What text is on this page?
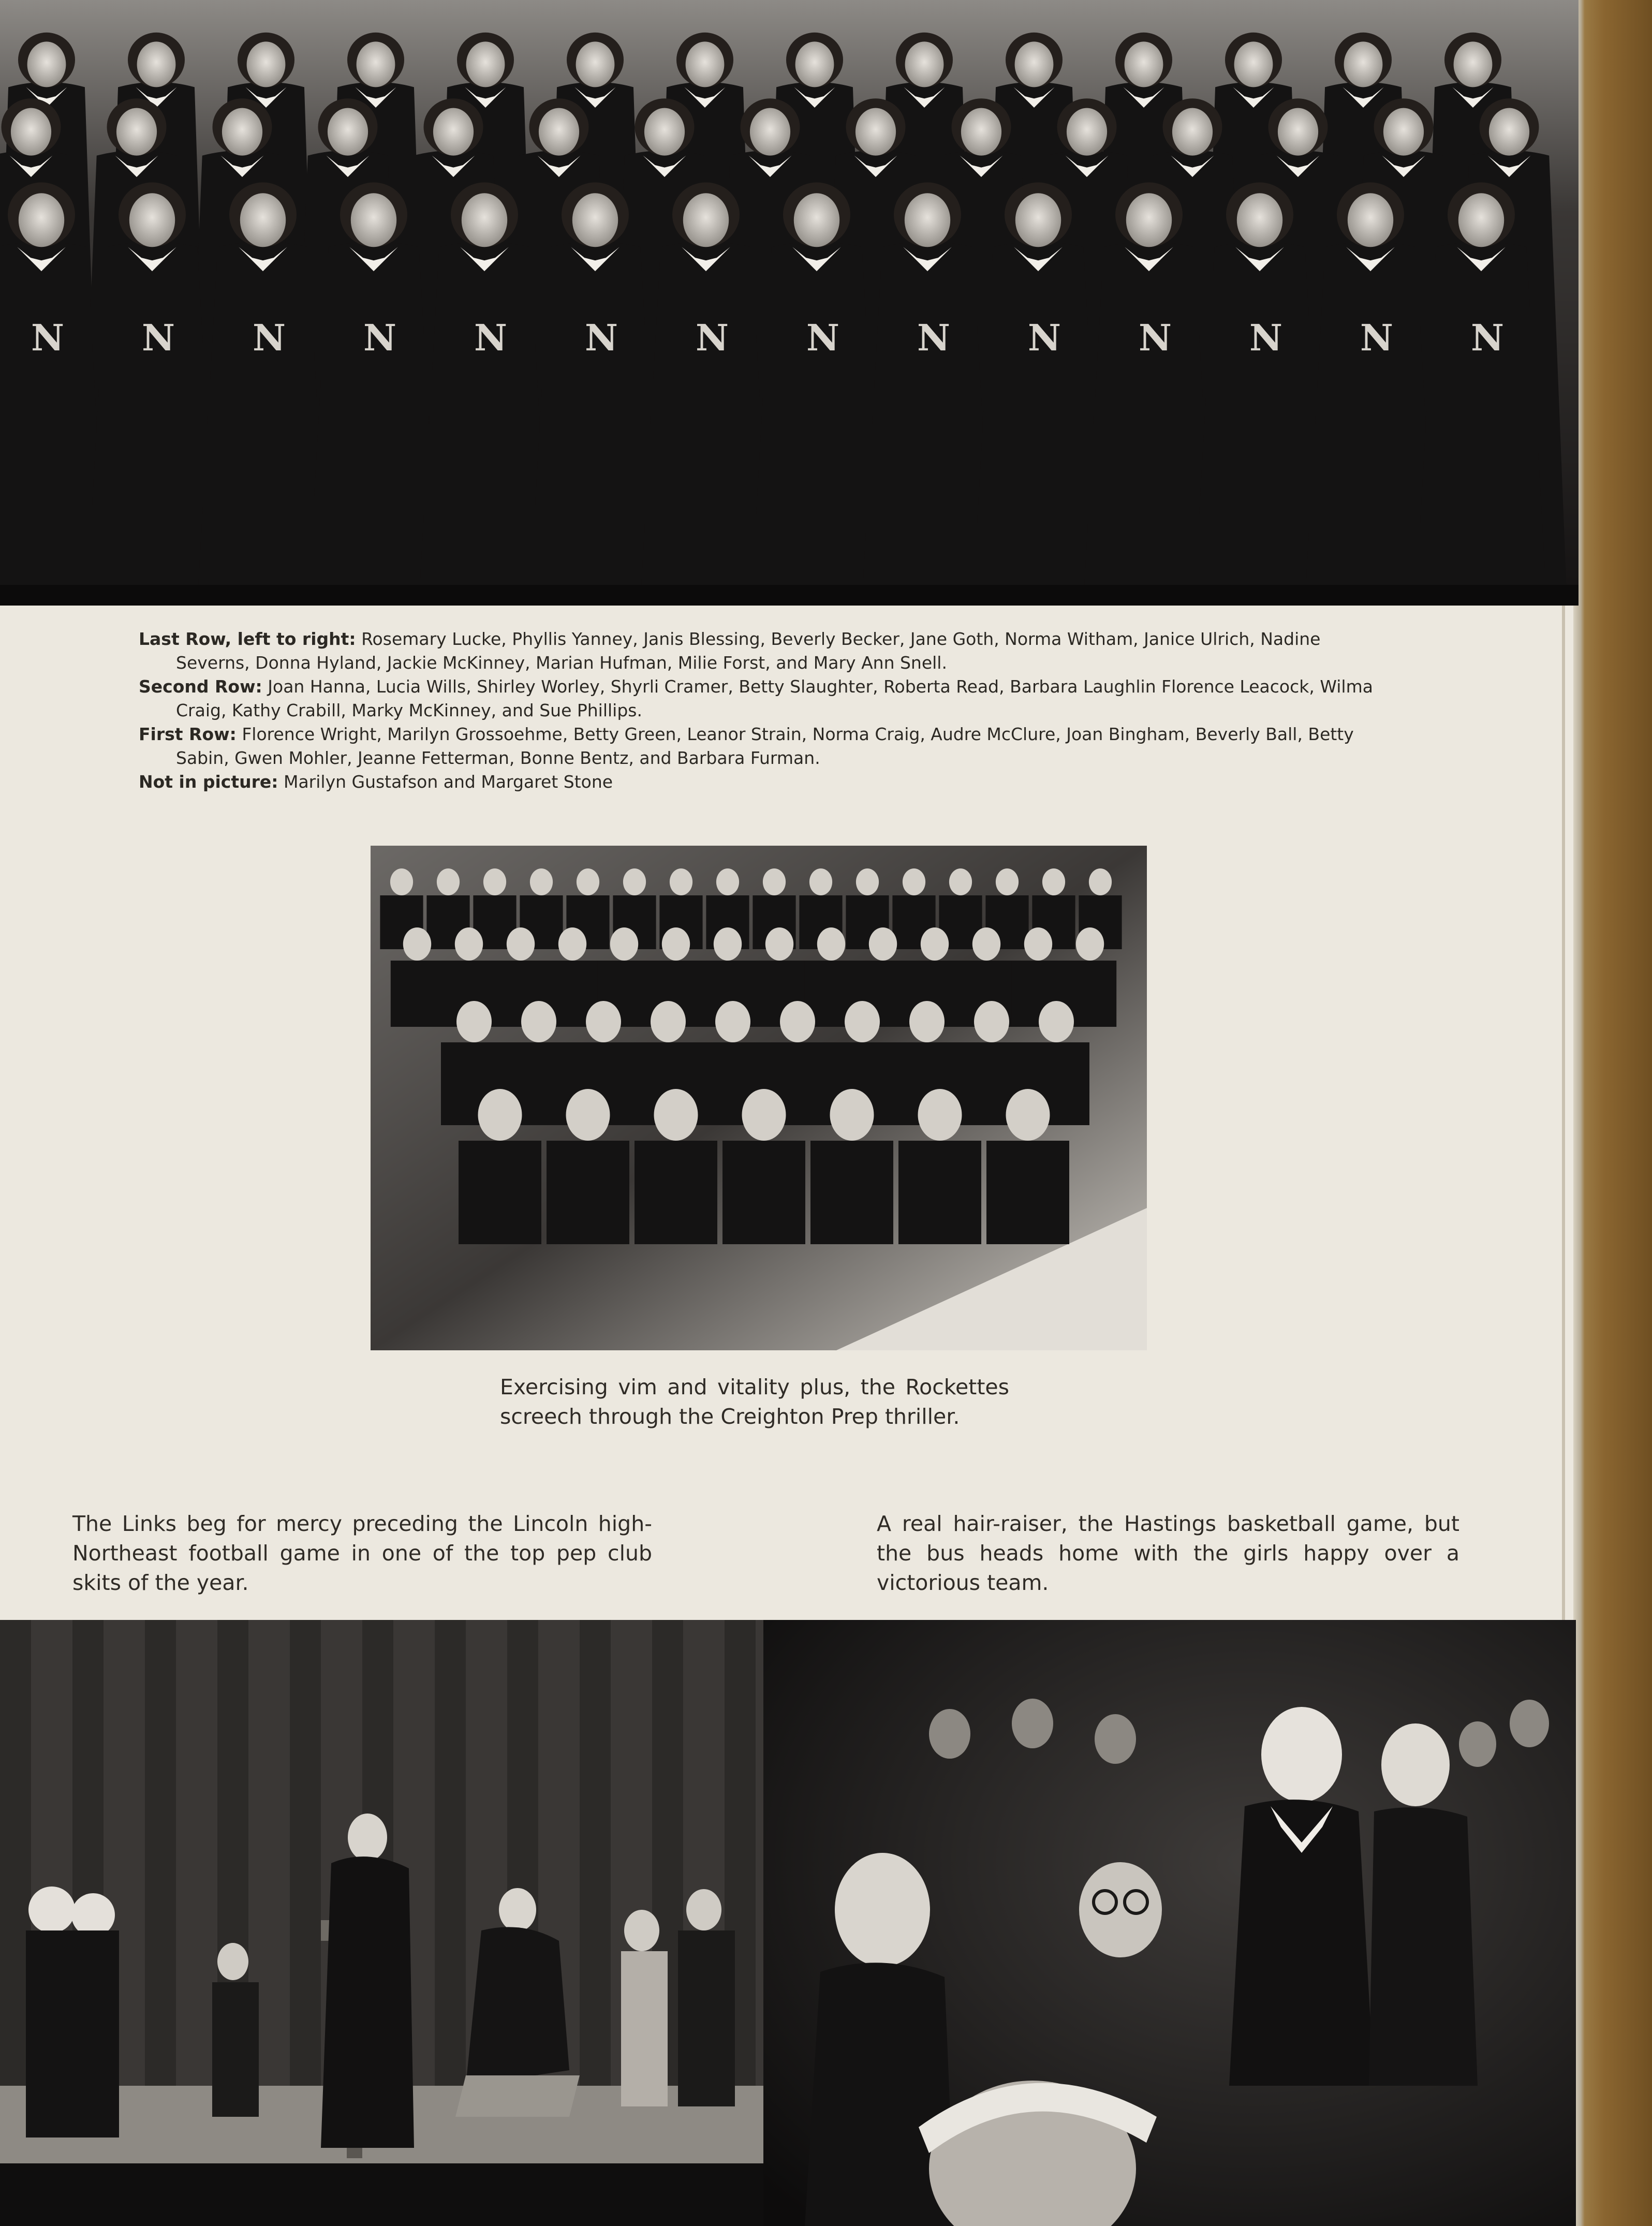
N N N N N N N N N N N N N N

Last Row, left to right: Rosemary Lucke, Phyllis Yanney, Janis Blessing, Beverly Becker, Jane Goth, Norma Witham, Janice Ulrich, Nadine Severns, Donna Hyland, Jackie McKinney, Marian Hufman, Milie Forst, and Mary Ann Snell.

Second Row: Joan Hanna, Lucia Wills, Shirley Worley, Shyrli Cramer, Betty Slaughter, Roberta Read, Barbara Laughlin Florence Leacock, Wilma Craig, Kathy Crabill, Marky McKinney, and Sue Phillips.

First Row: Florence Wright, Marilyn Grossoehme, Betty Green, Leanor Strain, Norma Craig, Audre McClure, Joan Bingham, Beverly Ball, Betty Sabin, Gwen Mohler, Jeanne Fetterman, Bonne Bentz, and Barbara Furman.

Not in picture: Marilyn Gustafson and Margaret Stone

Exercising vim and vitality plus, the Rockettes screech through the Creighton Prep thriller.

The Links beg for mercy preceding the Lincoln high-Northeast football game in one of the top pep club skits of the year.

A real hair-raiser, the Hastings basketball game, but the bus heads home with the girls happy over a victorious team.
